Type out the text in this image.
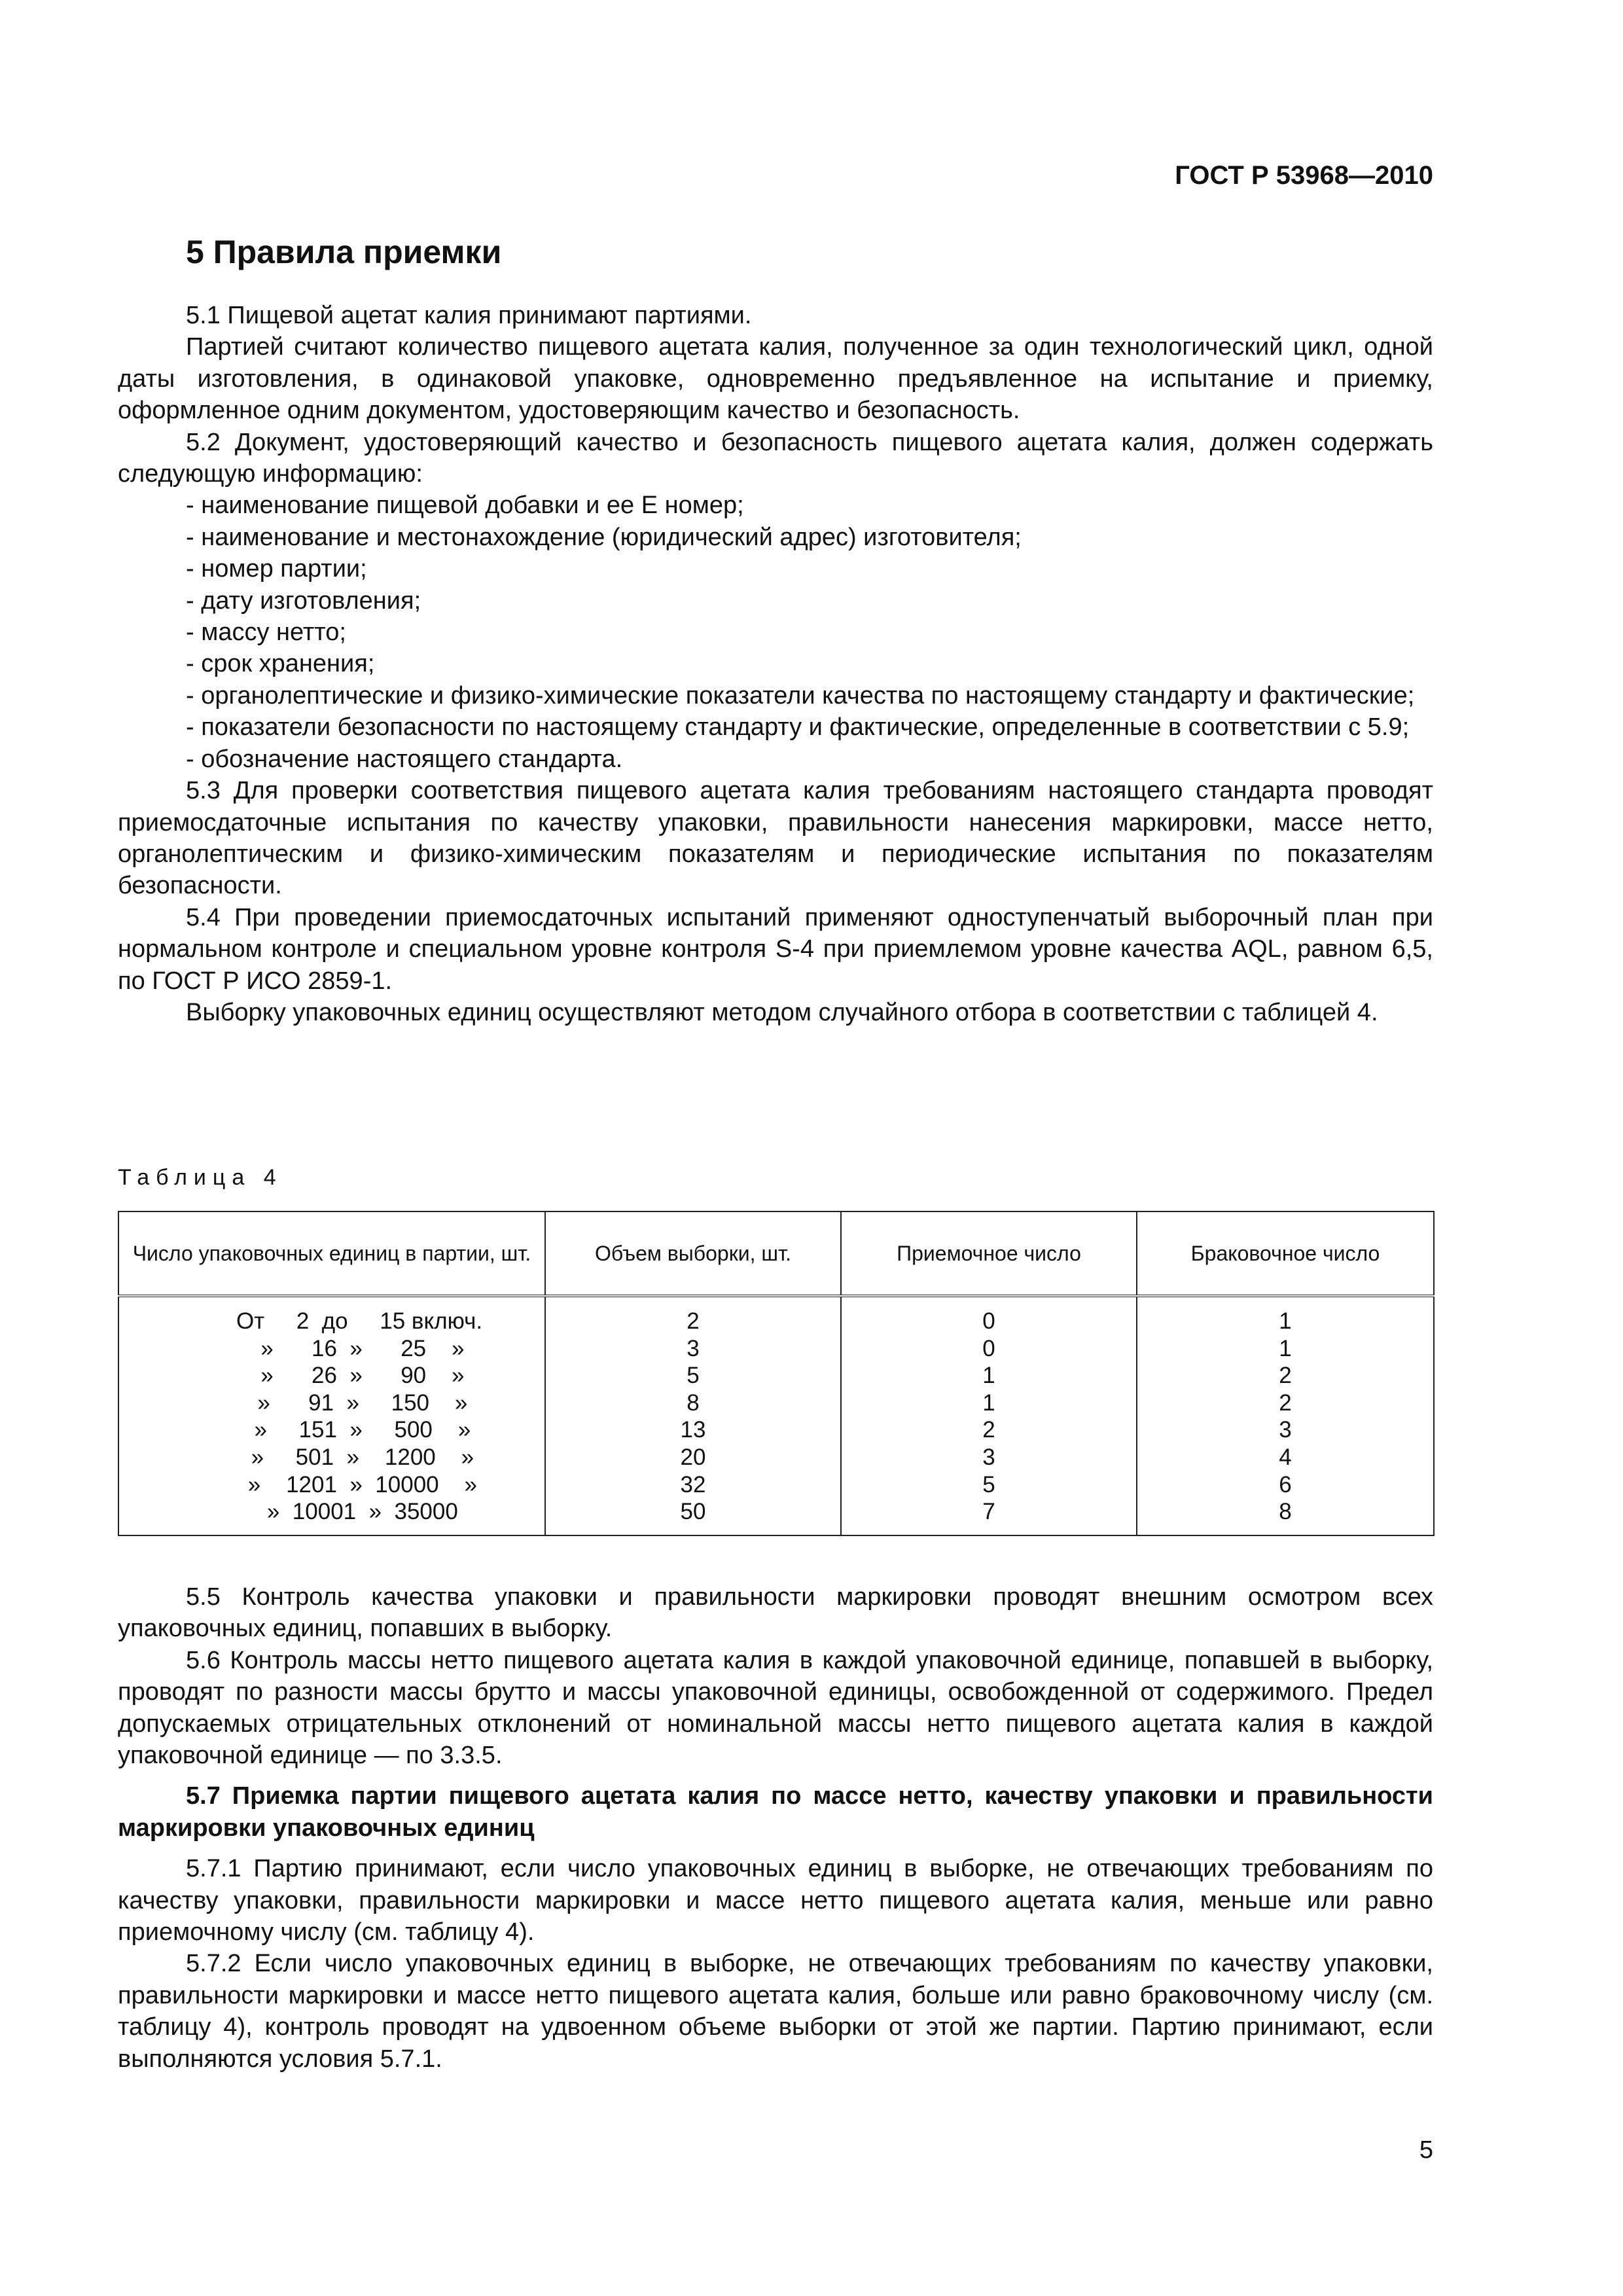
ГОСТ Р 53968—2010
5 Правила приемки

5.1 Пищевой ацетат калия принимают партиями.

Партией считают количество пищевого ацетата калия, полученное за один технологический цикл, одной даты изготовления, в одинаковой упаковке, одновременно предъявленное на испытание и приемку, оформленное одним документом, удостоверяющим качество и безопасность.

5.2 Документ, удостоверяющий качество и безопасность пищевого ацетата калия, должен содержать следующую информацию:

- наименование пищевой добавки и ее Е номер;

- наименование и местонахождение (юридический адрес) изготовителя;

- номер партии;

- дату изготовления;

- массу нетто;

- срок хранения;

- органолептические и физико-химические показатели качества по настоящему стандарту и фактические;

- показатели безопасности по настоящему стандарту и фактические, определенные в соответствии с 5.9;

- обозначение настоящего стандарта.

5.3 Для проверки соответствия пищевого ацетата калия требованиям настоящего стандарта проводят приемосдаточные испытания по качеству упаковки, правильности нанесения маркировки, массе нетто, органолептическим и физико-химическим показателям и периодические испытания по показателям безопасности.

5.4 При проведении приемосдаточных испытаний применяют одноступенчатый выборочный план при нормальном контроле и специальном уровне контроля S-4 при приемлемом уровне качества AQL, равном 6,5, по ГОСТ Р ИСО 2859-1.

Выборку упаковочных единиц осуществляют методом случайного отбора в соответствии с таблицей 4.

Таблица 4
Число упаковочных единиц в партии, шт.	Объем выборки, шт.	Приемочное число	Браковочное число
От     2  до     15 включ.	2	0	1
»      16  »      25    »	3	0	1
»      26  »      90    »	5	1	2
»      91  »     150    »	8	1	2
»     151  »     500    »	13	2	3
»     501  »    1200    »	20	3	4
»    1201  »  10000    »	32	5	6
»  10001  »  35000	50	7	8

5.5 Контроль качества упаковки и правильности маркировки проводят внешним осмотром всех упаковочных единиц, попавших в выборку.

5.6 Контроль массы нетто пищевого ацетата калия в каждой упаковочной единице, попавшей в выборку, проводят по разности массы брутто и массы упаковочной единицы, освобожденной от содержимого. Предел допускаемых отрицательных отклонений от номинальной массы нетто пищевого ацетата калия в каждой упаковочной единице — по 3.3.5.

5.7 Приемка партии пищевого ацетата калия по массе нетто, качеству упаковки и правильности маркировки упаковочных единиц

5.7.1 Партию принимают, если число упаковочных единиц в выборке, не отвечающих требованиям по качеству упаковки, правильности маркировки и массе нетто пищевого ацетата калия, меньше или равно приемочному числу (см. таблицу 4).

5.7.2 Если число упаковочных единиц в выборке, не отвечающих требованиям по качеству упаковки, правильности маркировки и массе нетто пищевого ацетата калия, больше или равно браковочному числу (см. таблицу 4), контроль проводят на удвоенном объеме выборки от этой же партии. Партию принимают, если выполняются условия 5.7.1.

5
